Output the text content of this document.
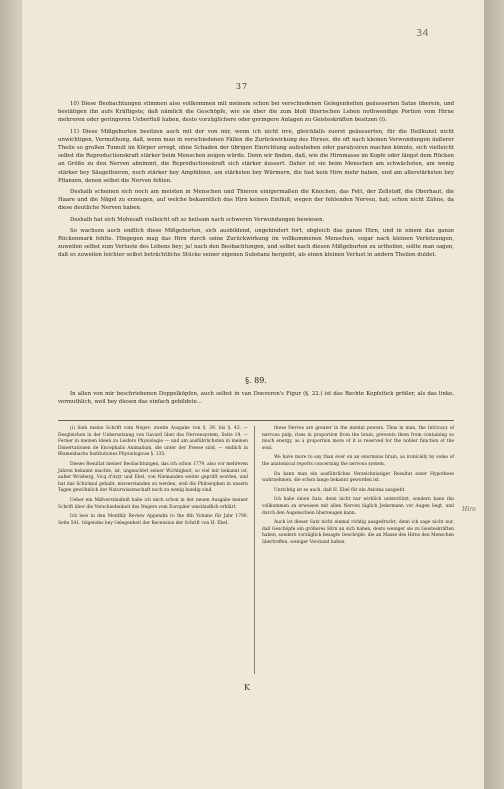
34
37

10) Diese Beobachtungen stimmen also vollkommen mit meinem schon bei verschiedenen Gelegenheiten geäusserten Satze überein, und bestätigen ihn aufs Kräftigste; daß nämlich die Geschöpfe, wie sie über die zum bloß thierischen Leben nothwendige Portion vom Hirne mehreren oder geringeren Ueberfluß haben, desto vorzüglichere oder geringere Anlagen zu Geisteskräften besitzen (i).

11) Diese Mißgeburten besitzen auch mit der von mir, wenn ich nicht irre, gleichfalls zuerst geäusserten, für die Heilkunst nicht unwichtigen, Vermuthung, daß, wenn man in verschiedenen Fällen die Zurückwirkung des Hirnes, die oft nach kleinen Verwundungen äußerer Theile so großen Tumult im Körper erregt, ohne Schaden der übrigen Einrichtung aufzuheben oder paralysiren machen könnte, sich vielleicht selbst die Reproductionskraft stärker beim Menschen zeigen würde. Denn wir finden, daß, wie die Hirnmasse im Kopfe oder längst dem Rücken an Größe zu den Nerven abnimmt, die Reproductionskraft sich stärker äussert. Daher ist sie beim Menschen am schwächsten, am wenig stärker bey Säugethieren, noch stärker bey Amphibien, am stärksten bey Würmern, die fast kein Hirn mehr haben, und am allerstärksten bey Pflanzen, denen selbst die Nerven fehlen.

Deshalb scheinen sich noch am meisten in Menschen und Thieren einigermaßen die Knochen, das Fett, der Zellstoff, die Oberhaut, die Haare und die Nägel zu erzeugen, auf welche bekanntlich das Hirn keinen Einfluß, wegen der fehlenden Nerven, hat; schon nicht Zähne, da diese deutliche Nerven haben.

Deshalb hat sich Mohnsaft vielleicht oft so heilsam nach schweren Verwundungen bewiesen.

So wachsen auch endlich diese Mißgeburten, sich ausbildend, ungehindert fort, obgleich das ganze Hirn, und in einem das ganze Rückenmark fehlte. Hingegen mag das Hirn durch seine Zurückwirkung im vollkommenen Menschen, sogar nach kleinen Verletzungen, zuweilen selbst zum Verluste des Lebens bey; ja! nach den Beobachtungen, und selbst nach diesen Mißgeburten zu urtheilen, sollte man sagen, daß es zuweilen leichter selbst beträchtliche Stücke seiner eigenen Substanz hergiebt, als einen kleinen Verlust in andern Theilen duldet.

§. 89.

In allen von mir beschriebenen Doppelköpfen, auch selbst in van Doeveren's Figur (§. 22.) ist das Rechte Kopfstück größer, als das linke, vermuthlich, weil bey diesen das einfach gebildete...

(i) Sieh meine Schrift vom Neger; zweite Ausgabe von §. 39. bis §. 43. — Desgleichen in der Uebersetzung von Gavard über das Nervensystem, Seite 19. — Ferner in meinen Ideen zu Lesfers Physiologie — und am ausführlichsten in meinen Dissertationen de Encephalis Animalium, die unter der Presse sind, — endlich in Blumenbachs Institutiones Physiologicae §. 135.

Dieses Resultat meiner Beobachtungen, das ich schon 1779. also vor mehreren Jahren bekannt machte, ist, ungeachtet seiner Wichtigkeit, so viel mir bekannt ist, außer Wrisberg, Vicq d'Azyr und Ebel, von Niemanden weiter geprüft worden, und hat das Schicksal gehabt, misverstanden zu werden, weil die Philosophen in unsern Tagen gewöhnlich der Naturwissenschaft noch zu wenig kundig sind.

Ueber ein Mißverständniß habe ich mich schon in der neuen Ausgabe meiner Schrift über die Verschiedenheit des Negers vom Europäer umständlich erklärt.

Ich lese in den Monthly Review Appendix to the 6th Volume für Jahr 1790. Seite 541. folgendes bey Gelegenheit der Recension der Schrift von H. Ebel.

these Nerves are greater in the mental powers. Thus in man, the Intricacy of nervous pulp, rises in proportion from the brain, prevents them from containing so much energy, as a proportion more of it is reserved for the nobler function of the soul.

We have more to say than ever on an enormous brain, as ironically by some of the anatomical reports concerning the nervous system.

Da kann man ein ausführliches Verzeichnisziger Resultat einer Hypothese wahrnehmen, die schon lange bekannt geworden ist.

Unrichtig ist es auch, daß H. Ebel für ein Axioma ausgiebt.

Ich habe einen Satz, denn nicht nur wirklich unterstützt, sondern kann ihn vollkommen zu erweisen mit allen Nerven täglich Jedermann vor Augen liegt, und durch den Augenschein überzeugen kann.

Auch ist dieser Satz nicht einmal richtig ausgedruckt; denn ich sage nicht nur, daß Geschöpfe ein größeres Hirn an sich haben, desto weniger sie zu Geisteskräften haben, sondern vorzüglich besagte Geschöpfe, die an Masse des Hirns den Menschen übertreffen, weniger Verstand haben.

Hirn
K
